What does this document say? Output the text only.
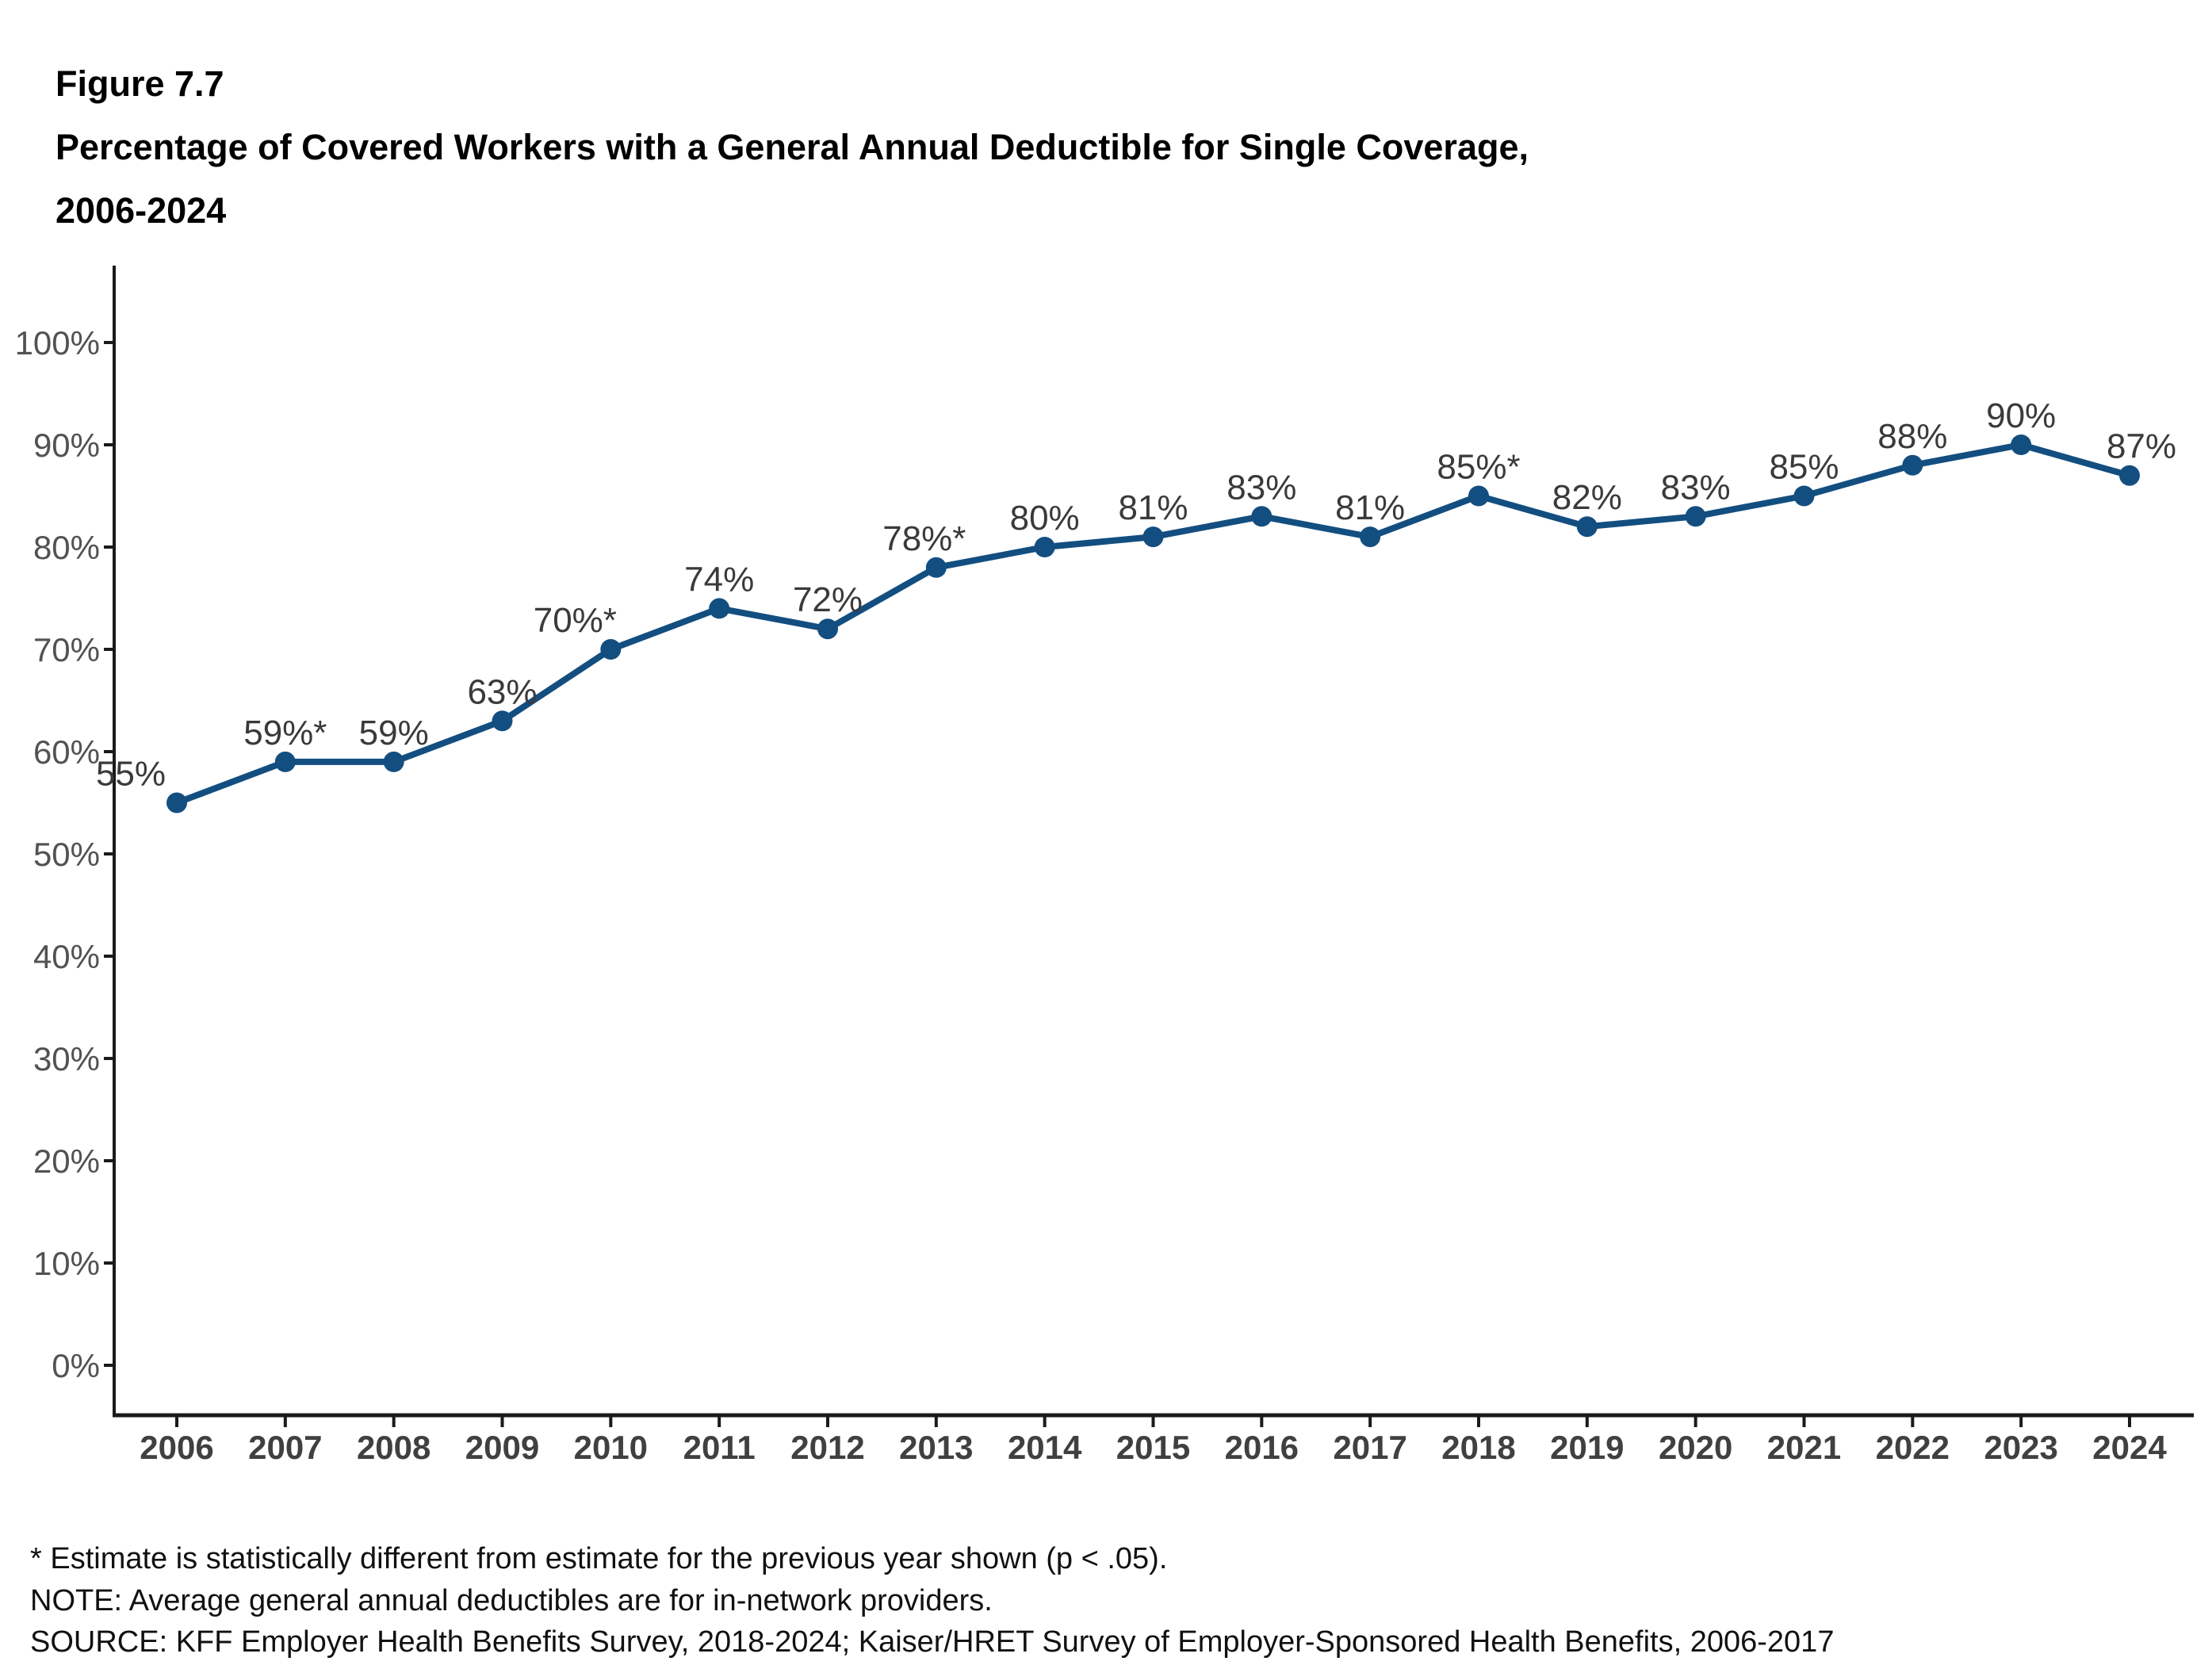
Figure 7.7
Percentage of Covered Workers with a General Annual Deductible for Single Coverage,
2006-2024
0%
10%
20%
30%
40%
50%
60%
70%
80%
90%
100%
2006 2007 2008 2009 2010 2011 2012 2013 2014 2015 2016 2017 2018 2019 2020 2021 2022 2023 2024
55%
59%* 59%
63%
70%*
74%
72%
78%*
80% 81%
83%
81%
85%*
82% 83%
85%
88%
90%
87%
* Estimate is statistically different from estimate for the previous year shown (p < .05).
NOTE: Average general annual deductibles are for in-network providers.
SOURCE: KFF Employer Health Benefits Survey, 2018-2024; Kaiser/HRET Survey of Employer-Sponsored Health Benefits, 2006-2017
